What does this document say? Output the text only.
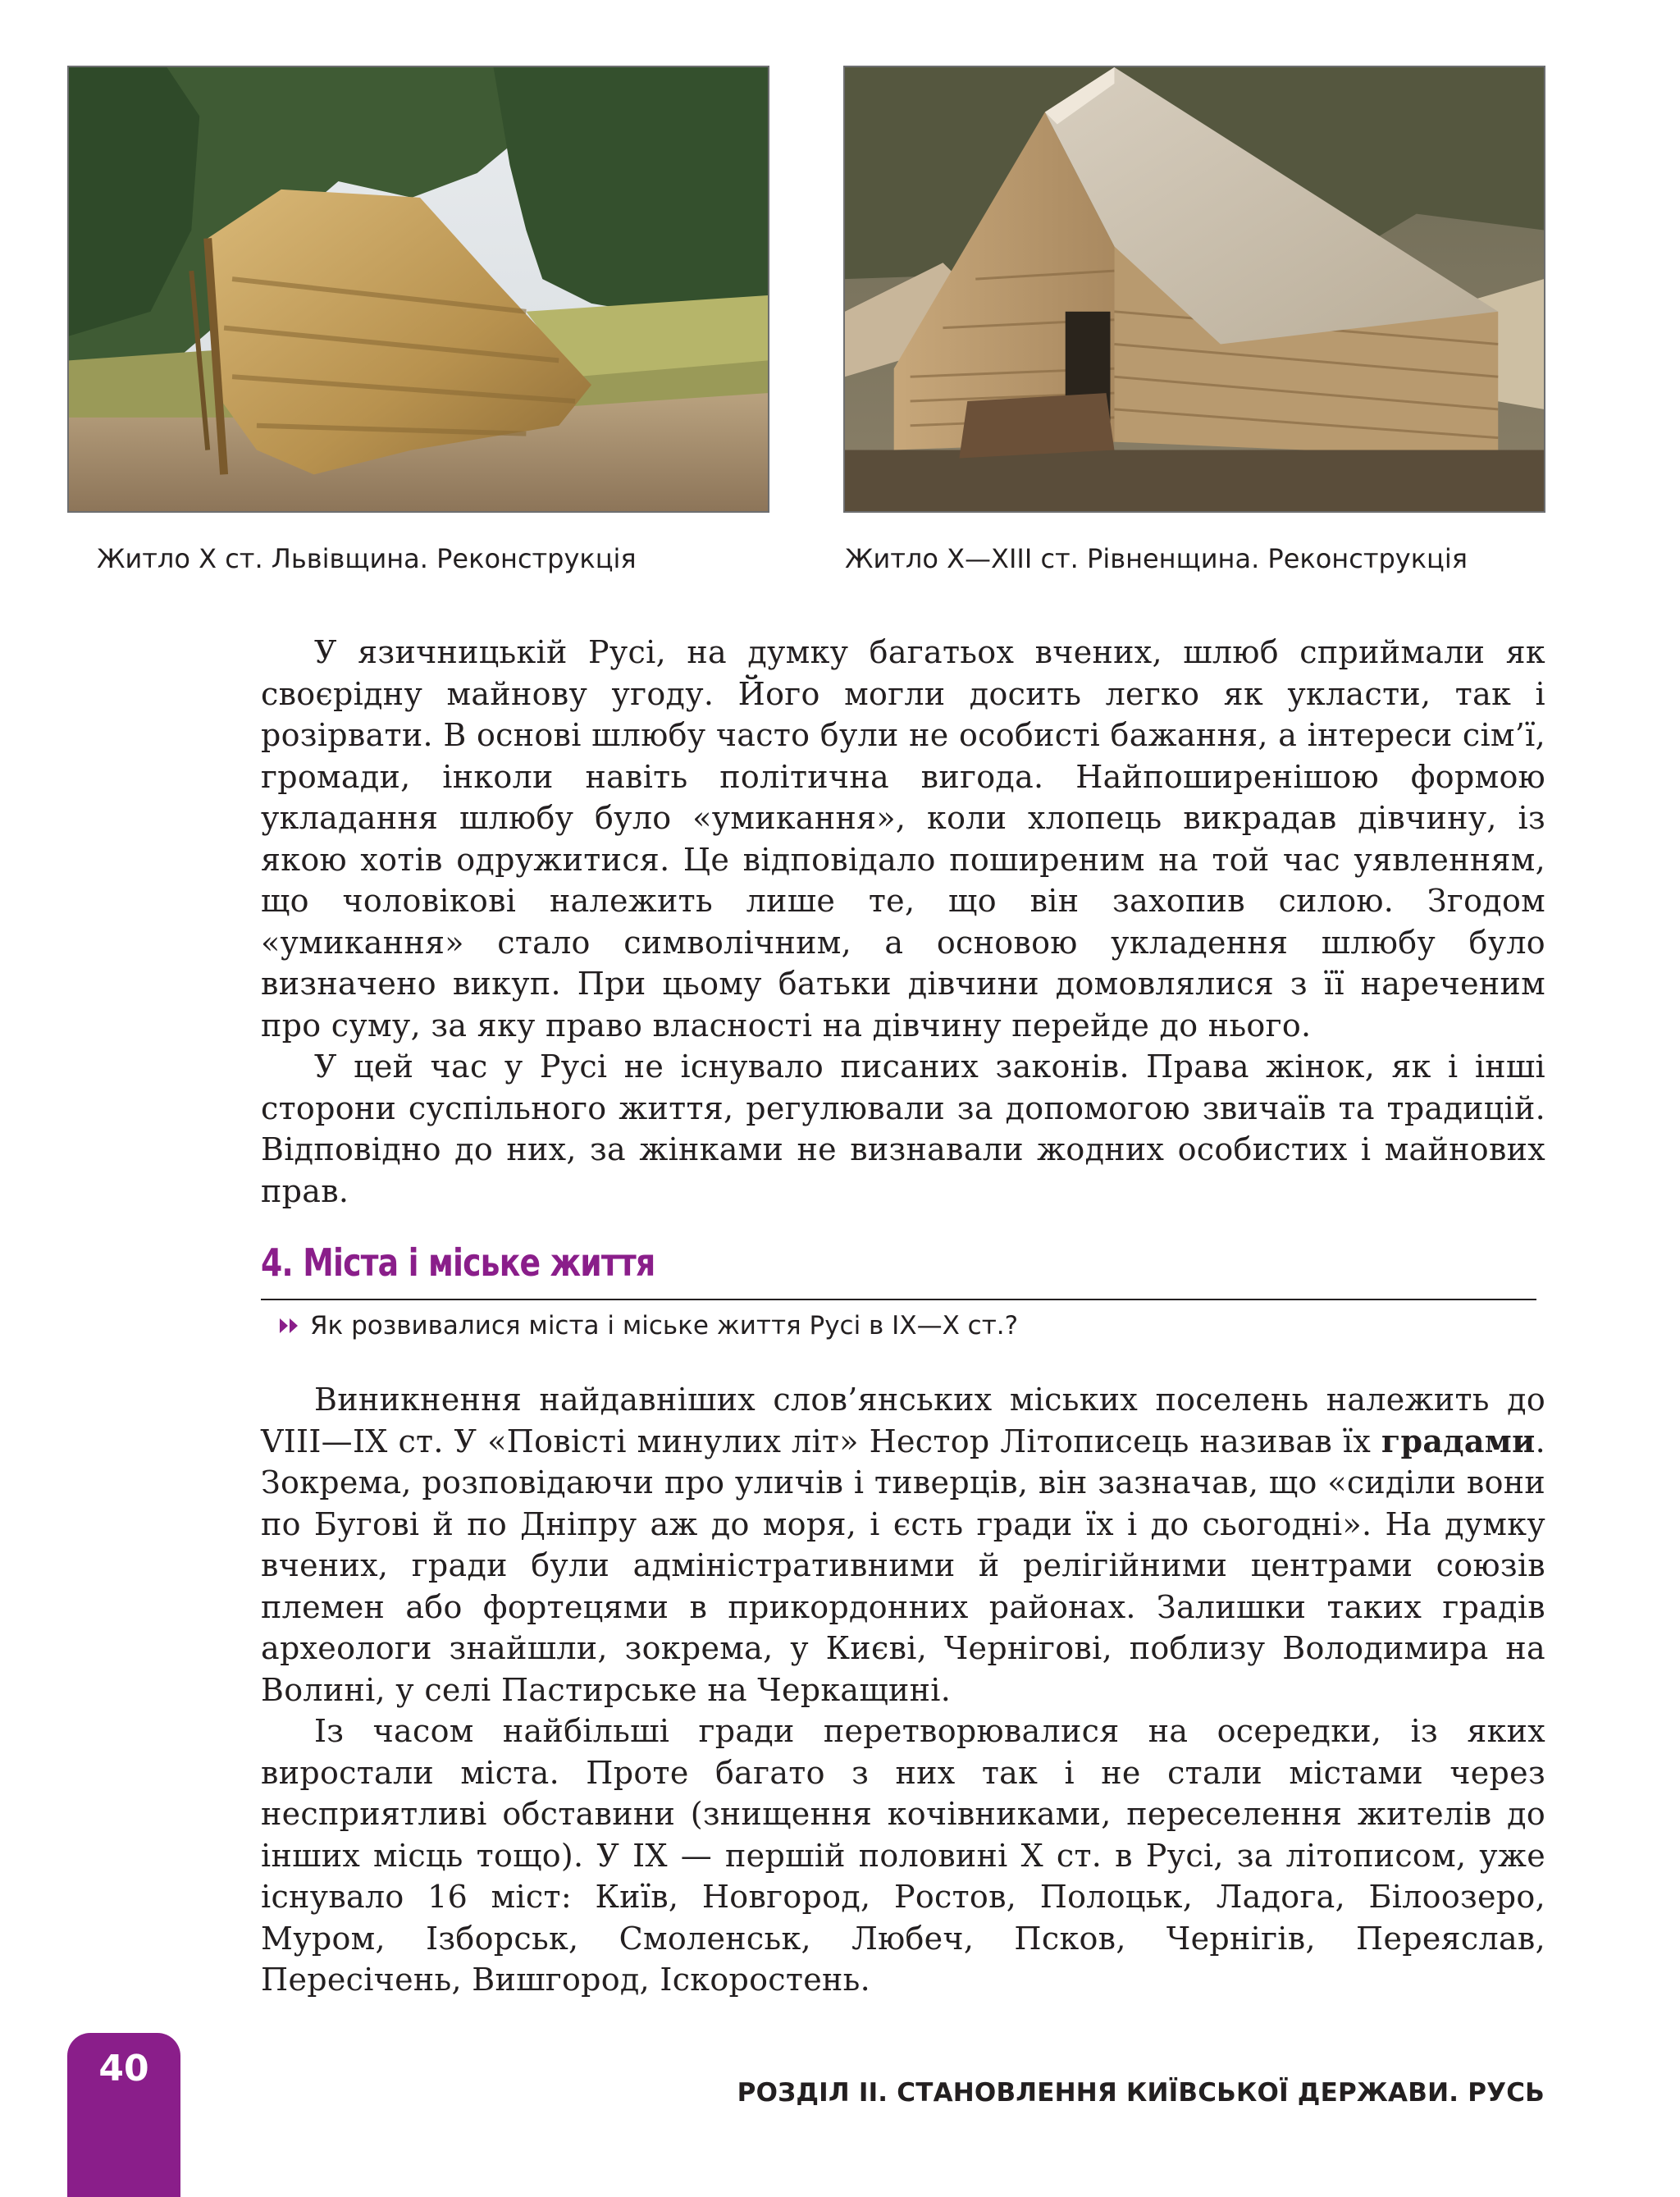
Житло Х ст. Львівщина. Реконструкція	Житло Х—ХІІІ ст. Рівненщина. Реконструкція

У язичницькій Русі, на думку багатьох вчених, шлюб сприймали як своєрідну майнову угоду. Його могли досить легко як укласти, так і розірвати. В основі шлюбу часто були не особисті бажання, а інтереси сім’ї, громади, інколи навіть політична вигода. Найпоширенішою формою укладання шлюбу було «умикання», коли хлопець викрадав дівчину, із якою хотів одружитися. Це відповідало поширеним на той час уявленням, що чоловікові належить лише те, що він захопив силою. Згодом «умикання» стало символічним, а основою укладення шлюбу було визначено викуп. При цьому батьки дівчини домовлялися з її нареченим про суму, за яку право власності на дівчину перейде до нього.

У цей час у Русі не існувало писаних законів. Права жінок, як і інші сторони суспільного життя, регулювали за допомогою звичаїв та традицій. Відповідно до них, за жінками не визнавали жодних особистих і майнових прав.

4. Міста і міське життя
Як розвивалися міста і міське життя Русі в ІХ—Х ст.?

Виникнення найдавніших слов’янських міських поселень належить до VIII—IX ст. У «Повісті минулих літ» Нестор Літописець називав їх градами. Зокрема, розповідаючи про уличів і тиверців, він зазначав, що «сиділи вони по Бугові й по Дніпру аж до моря, і єсть гради їх і до сьогодні». На думку вчених, гради були адміністративними й релігійними центрами союзів племен або фортецями в прикордонних районах. Залишки таких градів археологи знайшли, зокрема, у Києві, Чернігові, поблизу Володимира на Волині, у селі Пастирське на Черкащині.

Із часом найбільші гради перетворювалися на осередки, із яких виростали міста. Проте багато з них так і не стали містами через несприятливі обставини (знищення кочівниками, переселення жителів до інших місць тощо). У IX — першій половині X ст. в Русі, за літописом, уже існувало 16 міст: Київ, Новгород, Ростов, Полоцьк, Ладога, Білоозеро, Муром, Ізборськ, Смоленськ, Любеч, Псков, Чернігів, Переяслав, Пересічень, Вишгород, Іскоростень.

40
РОЗДІЛ II. СТАНОВЛЕННЯ КИЇВСЬКОЇ ДЕРЖАВИ. РУСЬ
